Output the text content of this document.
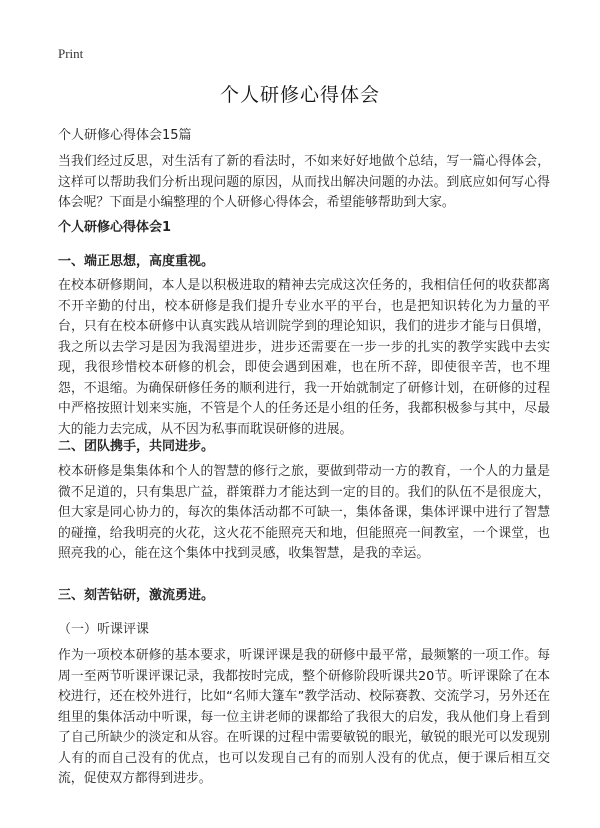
Print
个人研修心得体会
个人研修心得体会15篇

当我们经过反思，对生活有了新的看法时，不如来好好地做个总结，写一篇心得体会，这样可以帮助我们分析出现问题的原因，从而找出解决问题的办法。到底应如何写心得体会呢？下面是小编整理的个人研修心得体会，希望能够帮助到大家。

个人研修心得体会1
一、端正思想，高度重视。

在校本研修期间，本人是以积极进取的精神去完成这次任务的，我相信任何的收获都离不开辛勤的付出，校本研修是我们提升专业水平的平台，也是把知识转化为力量的平台，只有在校本研修中认真实践从培训院学到的理论知识，我们的进步才能与日俱增，我之所以去学习是因为我渴望进步，进步还需要在一步一步的扎实的教学实践中去实现，我很珍惜校本研修的机会，即使会遇到困难，也在所不辞，即使很辛苦，也不埋怨，不退缩。为确保研修任务的顺利进行，我一开始就制定了研修计划，在研修的过程中严格按照计划来实施，不管是个人的任务还是小组的任务，我都积极参与其中，尽最大的能力去完成，从不因为私事而耽误研修的进展。

二、团队携手，共同进步。

校本研修是集集体和个人的智慧的修行之旅，要做到带动一方的教育，一个人的力量是微不足道的，只有集思广益，群策群力才能达到一定的目的。我们的队伍不是很庞大，但大家是同心协力的，每次的集体活动都不可缺一，集体备课，集体评课中进行了智慧的碰撞，给我明亮的火花，这火花不能照亮天和地，但能照亮一间教室，一个课堂，也照亮我的心，能在这个集体中找到灵感，收集智慧，是我的幸运。

三、刻苦钻研，激流勇进。
（一）听课评课

作为一项校本研修的基本要求，听课评课是我的研修中最平常，最频繁的一项工作。每周一至两节听课评课记录，我都按时完成，整个研修阶段听课共20节。听评课除了在本校进行，还在校外进行，比如“名师大篷车”教学活动、校际赛教、交流学习，另外还在组里的集体活动中听课，每一位主讲老师的课都给了我很大的启发，我从他们身上看到了自己所缺少的淡定和从容。在听课的过程中需要敏锐的眼光，敏锐的眼光可以发现别人有的而自己没有的优点，也可以发现自己有的而别人没有的优点，便于课后相互交流，促使双方都得到进步。
